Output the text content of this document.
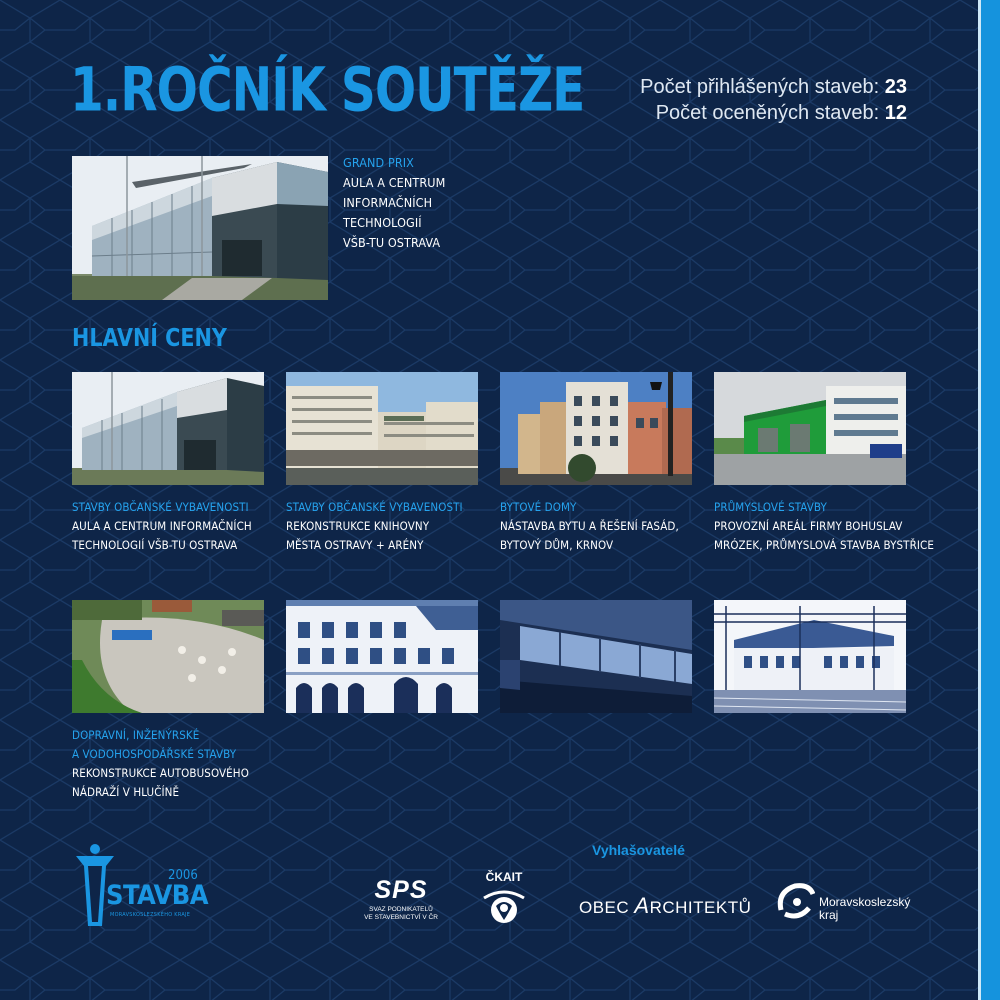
1.ROČNÍK SOUTĚŽE	Počet přihlášených staveb: 23
Počet oceněných staveb: 12
GRAND PRIX
AULA A CENTRUM
INFORMAČNÍCH
TECHNOLOGIÍ
VŠB-TU OSTRAVA
HLAVNÍ CENY
STAVBY OBČANSKÉ VYBAVENOSTI
AULA A CENTRUM INFORMAČNÍCH
TECHNOLOGIÍ VŠB-TU OSTRAVA
STAVBY OBČANSKÉ VYBAVENOSTI
REKONSTRUKCE KNIHOVNY
MĚSTA OSTRAVY + ARÉNY
BYTOVÉ DOMY
NÁSTAVBA BYTU A ŘEŠENÍ FASÁD,
BYTOVÝ DŮM, KRNOV
PRŮMYSLOVÉ STAVBY
PROVOZNÍ AREÁL FIRMY BOHUSLAV
MRÓZEK, PRŮMYSLOVÁ STAVBA BYSTŘICE
DOPRAVNÍ, INŽENÝRSKÉ
A VODOHOSPODÁŘSKÉ STAVBY
REKONSTRUKCE AUTOBUSOVÉHO
NÁDRAŽÍ V HLUČÍNĚ
Vyhlašovatelé
2006
STAVBA
MORAVSKOSLEZSKÉHO KRAJE
SPS
SVAZ PODNIKATELŮ
VE STAVEBNICTVÍ V ČR
ČKAIT
OBEC ARCHITEKTŮ	Moravskoslezský
kraj
